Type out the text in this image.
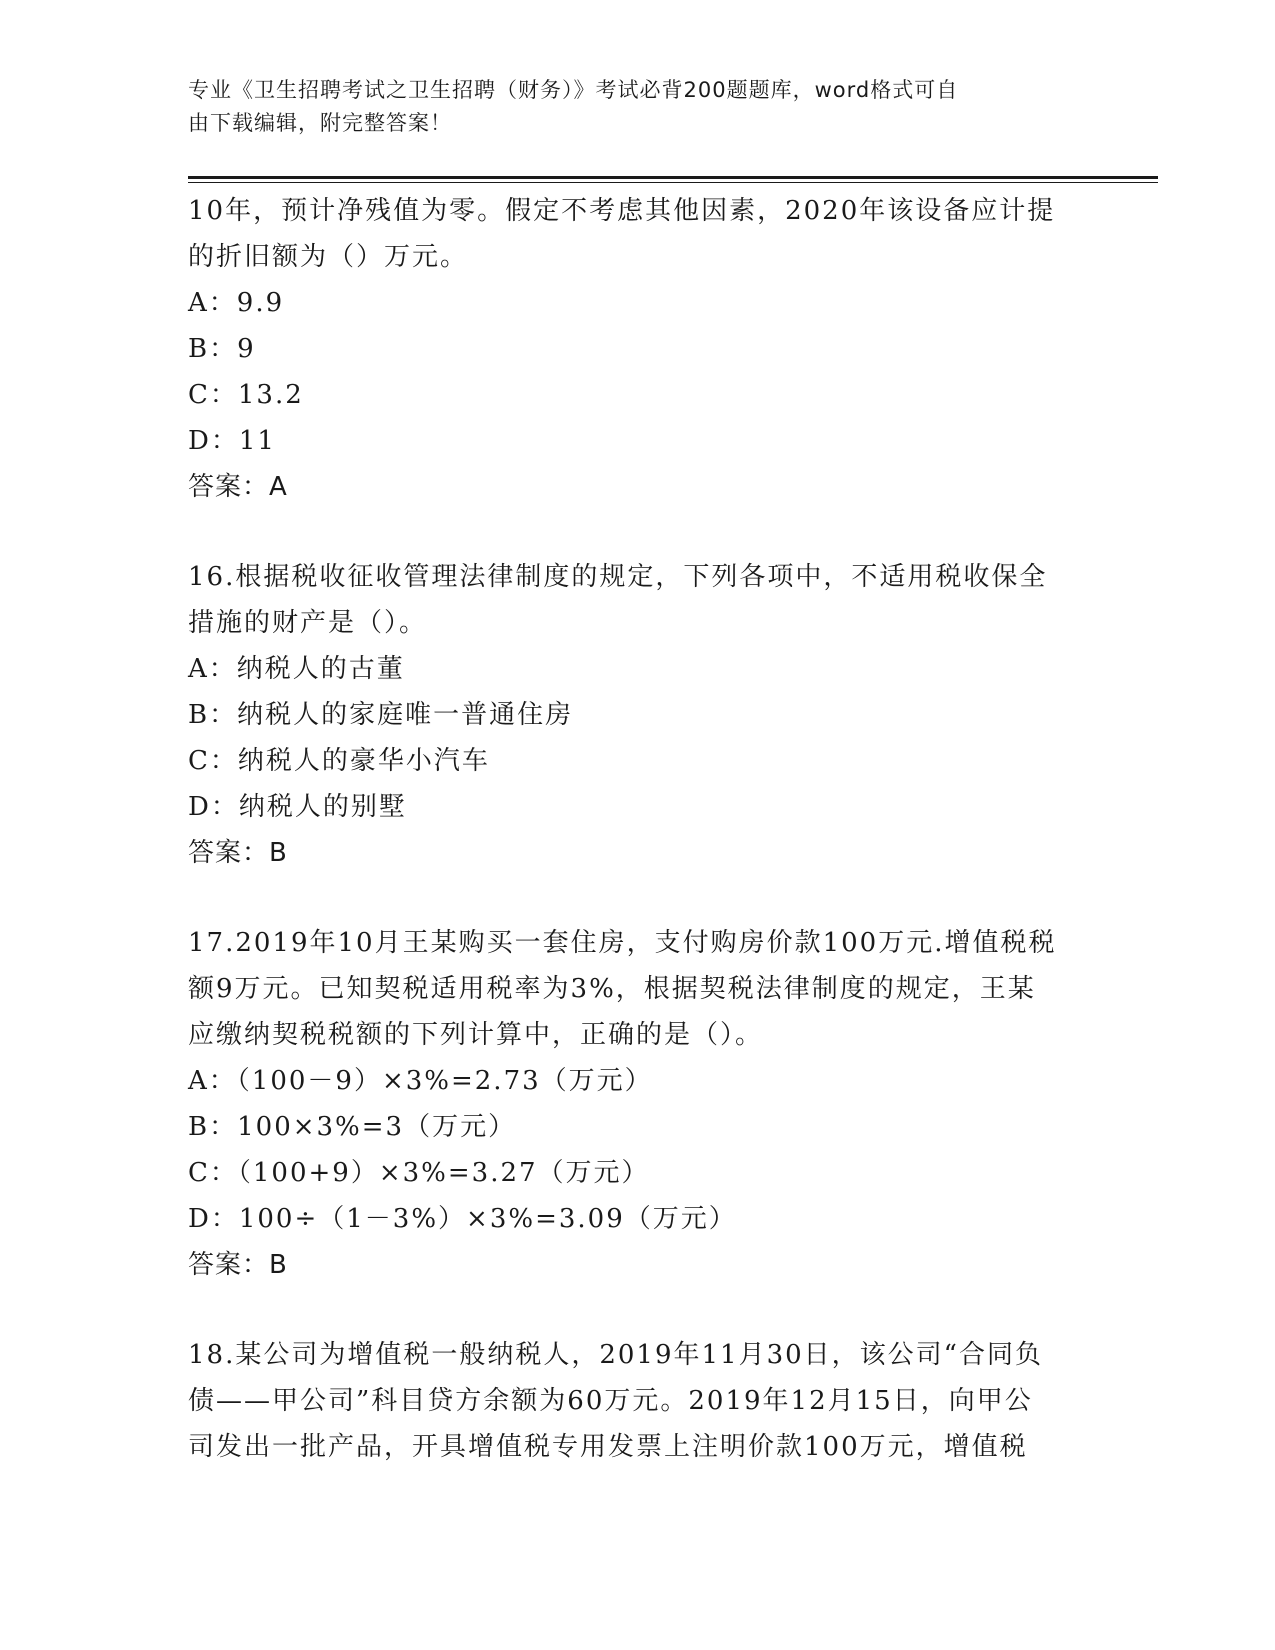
专业《卫生招聘考试之卫生招聘（财务）》考试必背200题题库，word格式可自
由下载编辑，附完整答案！
10年，预计净残值为零。假定不考虑其他因素，2020年该设备应计提
的折旧额为（）万元。
A：9.9
B：9
C：13.2
D：11
答案：A
16.根据税收征收管理法律制度的规定，下列各项中，不适用税收保全
措施的财产是（）。
A：纳税人的古董
B：纳税人的家庭唯一普通住房
C：纳税人的豪华小汽车
D：纳税人的别墅
答案：B
17.2019年10月王某购买一套住房，支付购房价款100万元.增值税税
额9万元。已知契税适用税率为3%，根据契税法律制度的规定，王某
应缴纳契税税额的下列计算中，正确的是（）。
A：（100－9）×3%=2.73（万元）
B：100×3%=3（万元）
C：（100+9）×3%=3.27（万元）
D：100÷（1－3%）×3%=3.09（万元）
答案：B
18.某公司为增值税一般纳税人，2019年11月30日，该公司“合同负
债——甲公司”科目贷方余额为60万元。2019年12月15日，向甲公
司发出一批产品，开具增值税专用发票上注明价款100万元，增值税
